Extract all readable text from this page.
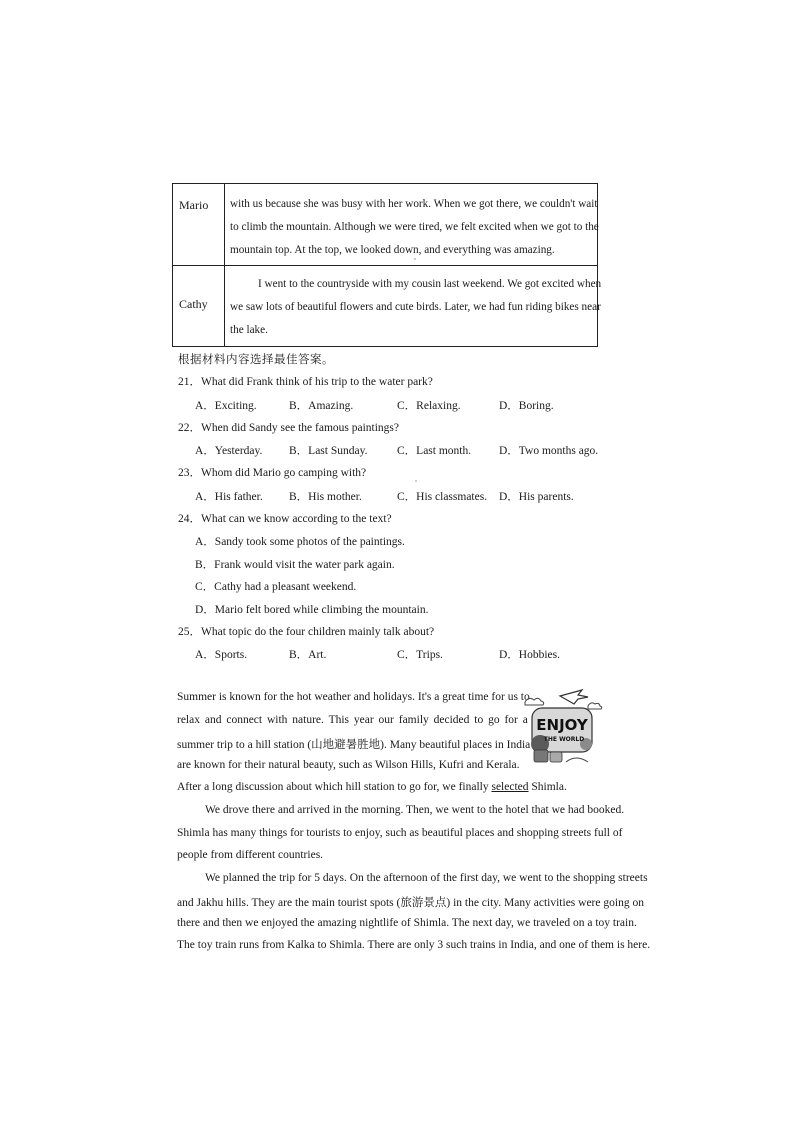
Mario with us because she was busy with her work. When we got there, we couldn't wait
to climb the mountain. Although we were tired, we felt excited when we got to the
mountain top. At the top, we looked down, and everything was amazing.
Cathy
I went to the countryside with my cousin last weekend. We got excited when
we saw lots of beautiful flowers and cute birds. Later, we had fun riding bikes near
the lake.
根据材料内容选择最佳答案。
21．What did Frank think of his trip to the water park?
A．Exciting.	B．Amazing.	C．Relaxing.	D．Boring.
22．When did Sandy see the famous paintings?
A．Yesterday. B．Last Sunday.	C．Last month. D．Two months ago.
23．Whom did Mario go camping with?
A．His father. B．His mother.	C．His classmates. D．His parents.
24．What can we know according to the text?
A．Sandy took some photos of the paintings.
B．Frank would visit the water park again.
C．Cathy had a pleasant weekend.
D．Mario felt bored while climbing the mountain.
25．What topic do the four children mainly talk about?
A．Sports.	B．Art.	C．Trips.	D．Hobbies.
Summer is known for the hot weather and holidays. It's a great time for us to
relax and connect with nature. This year our family decided to go for a
summer trip to a hill station (山地避暑胜地). Many beautiful places in India
are known for their natural beauty, such as Wilson Hills, Kufri and Kerala.
After a long discussion about which hill station to go for, we finally selected Shimla.
We drove there and arrived in the morning. Then, we went to the hotel that we had booked.
Shimla has many things for tourists to enjoy, such as beautiful places and shopping streets full of
people from different countries.
We planned the trip for 5 days. On the afternoon of the first day, we went to the shopping streets
and Jakhu hills. They are the main tourist spots (旅游景点) in the city. Many activities were going on
there and then we enjoyed the amazing nightlife of Shimla. The next day, we traveled on a toy train.
The toy train runs from Kalka to Shimla. There are only 3 such trains in India, and one of them is here.
ENJOY
THE WORLD
